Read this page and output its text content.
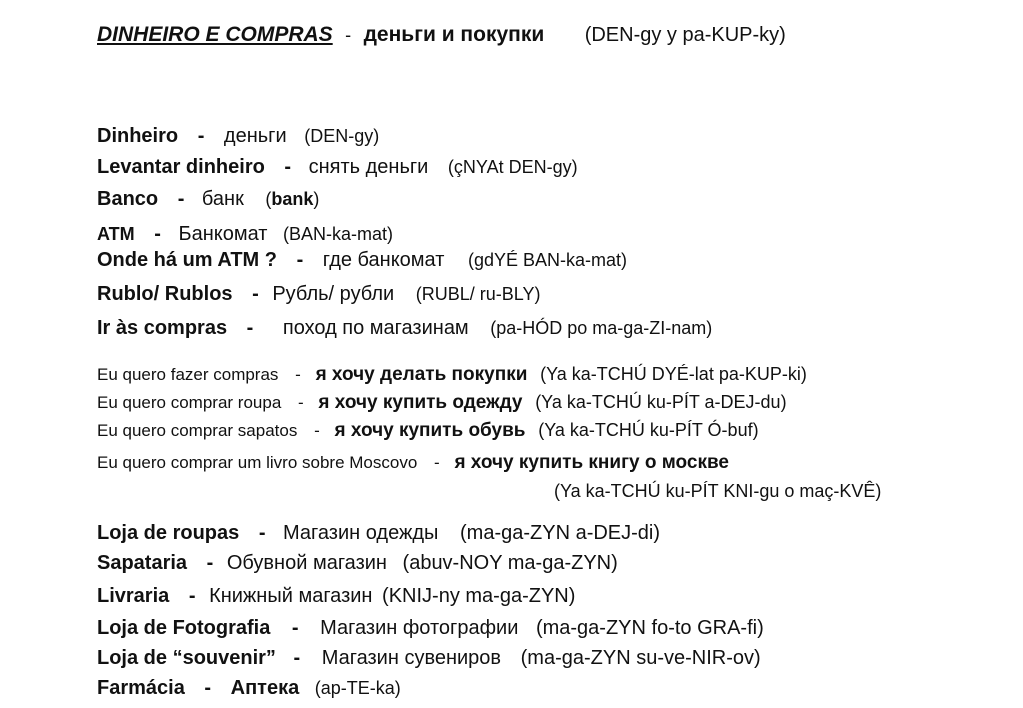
DINHEIRO E COMPRAS - деньги и покупки (DEN-gy y pa-KUP-ky)
Dinheiro - деньги (DEN-gy)
Levantar dinheiro - снять деньги (çNYAt DEN-gy)
Banco - банк (bank)
ATM - Банкомат (BAN-ka-mat)
Onde há um ATM ? - где банкомат (gdYÉ BAN-ka-mat)
Rublo/ Rublos - Рубль/ рубли (RUBL/ ru-BLY)
Ir às compras - поход по магазинам (pa-HÓD po ma-ga-ZI-nam)
Eu quero fazer compras - я хочу делать покупки (Ya ka-TCHÚ DYÉ-lat pa-KUP-ki)
Eu quero comprar roupa - я хочу купить одежду (Ya ka-TCHÚ ku-PÍT a-DEJ-du)
Eu quero comprar sapatos - я хочу купить обувь (Ya ka-TCHÚ ku-PÍT Ó-buf)
Eu quero comprar um livro sobre Moscovo - я хочу купить книгу о москве
(Ya ka-TCHÚ ku-PÍT KNI-gu o maç-KVÊ)
Loja de roupas - Магазин одежды (ma-ga-ZYN a-DEJ-di)
Sapataria - Обувной магазин (abuv-NOY ma-ga-ZYN)
Livraria - Книжный магазин (KNIJ-ny ma-ga-ZYN)
Loja de Fotografia - Магазин фотографии (ma-ga-ZYN fo-to GRA-fi)
Loja de “souvenir” - Магазин сувениров (ma-ga-ZYN su-ve-NIR-ov)
Farmácia - Аптека (ap-TE-ka)
